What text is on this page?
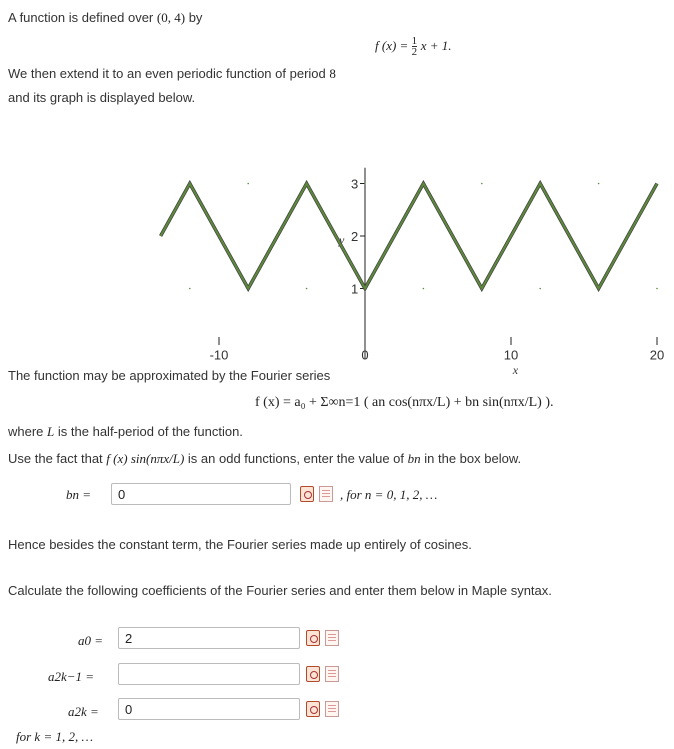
A function is defined over (0, 4) by
f $(x) = \frac{1}{2}$ x + 1.
We then extend it to an even periodic function of period 8
and its graph is displayed below.
1
2
3
-10	0	10	20
x
y
The function may be approximated by the Fourier series
f (x) = a₀ + Σ∞n=1 ( an cos(nπx/L) + bn sin(nπx/L) ).
where L is the half-period of the function.
Use the fact that f (x) sin(nπx/L) is an odd functions, enter the value of bn in the box below.
bn =
0	, for n = 0, 1, 2, …
Hence besides the constant term, the Fourier series made up entirely of cosines.
Calculate the following coefficients of the Fourier series and enter them below in Maple syntax.
a0 =
2
a2k−1 =
a2k =
0
for k = 1, 2, …
